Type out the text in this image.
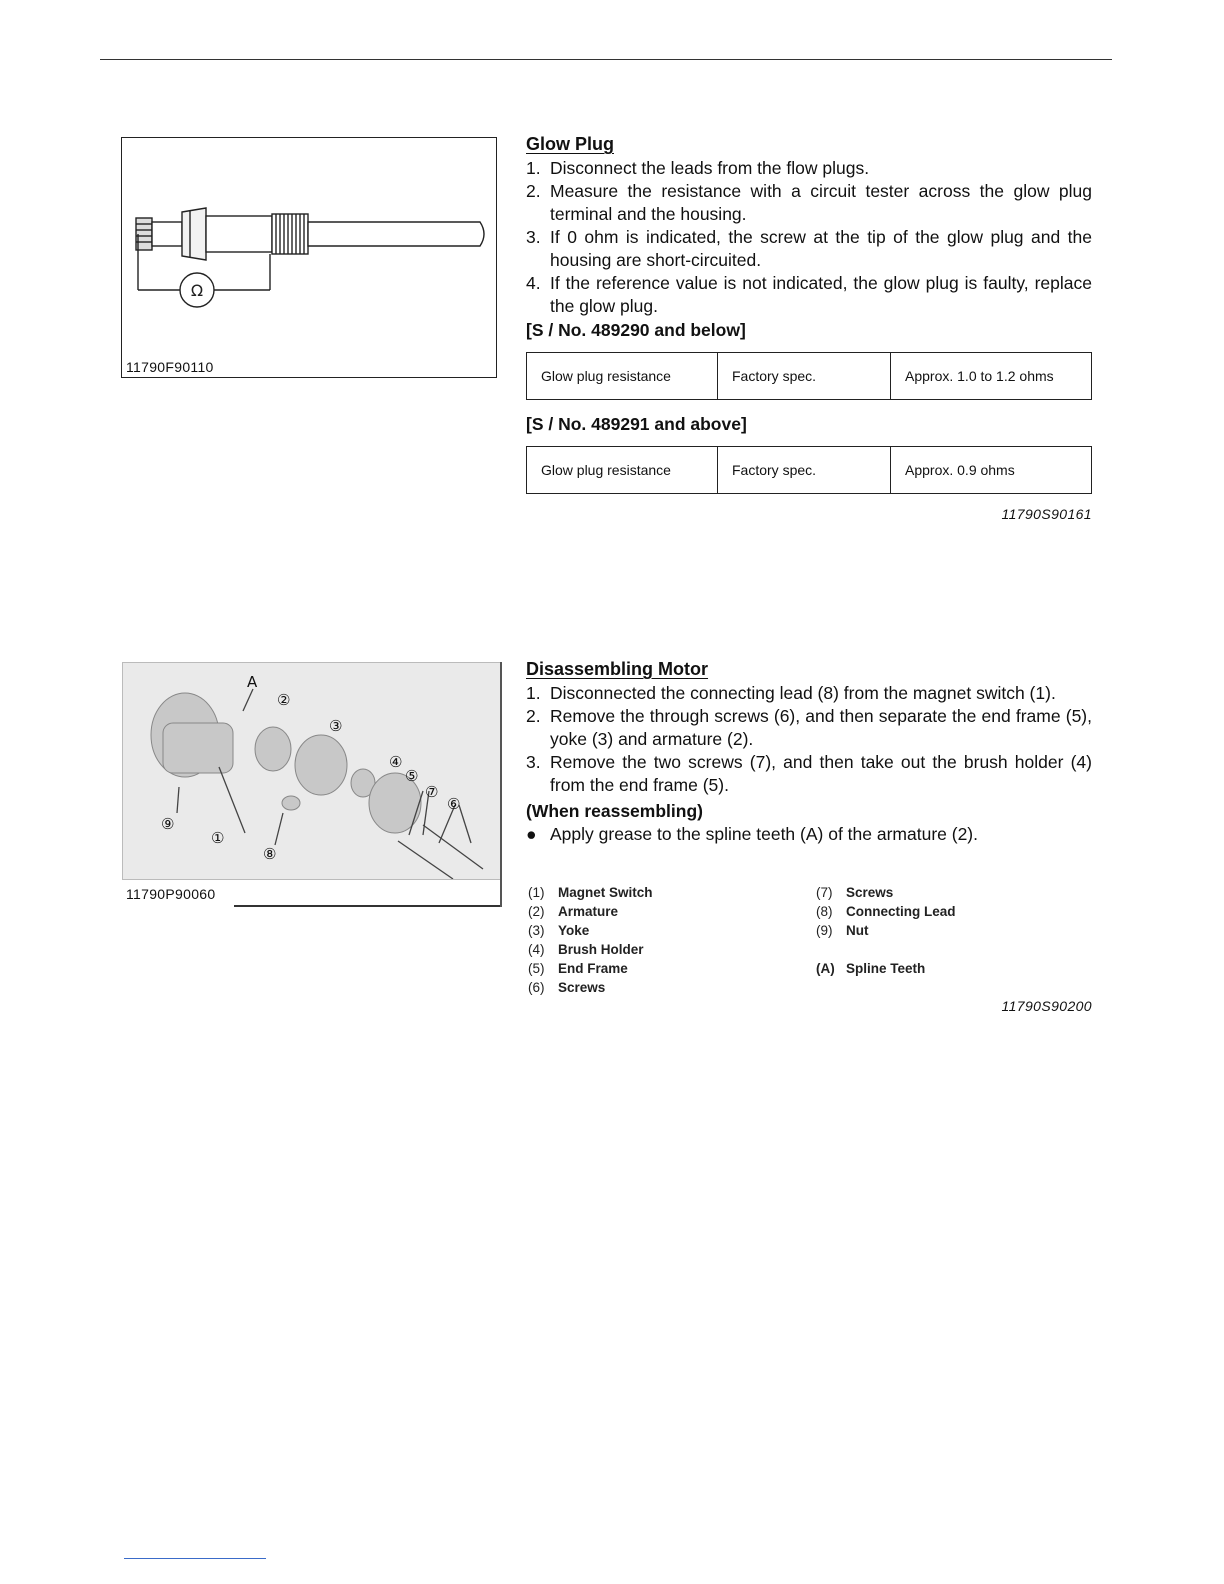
Ω
11790F90110
Glow Plug
1. Disconnect the leads from the flow plugs.
2. Measure the resistance with a circuit tester across the glow plug terminal and the housing.
3. If 0 ohm is indicated, the screw at the tip of the glow plug and the housing are short-circuited.
4. If the reference value is not indicated, the glow plug is faulty, replace the glow plug.
[S / No. 489290 and below]
Glow plug resistance	Factory spec.	Approx. 1.0 to 1.2 ohms
[S / No. 489291 and above]
Glow plug resistance	Factory spec.	Approx. 0.9 ohms
11790S90161
A
②
③
④
⑤
⑦
⑥
⑨
①
⑧
11790P90060
Disassembling Motor
1. Disconnected the connecting lead (8) from the magnet switch (1).
2. Remove the through screws (6), and then separate the end frame (5), yoke (3) and armature (2).
3. Remove the two screws (7), and then take out the brush holder (4) from the end frame (5).
(When reassembling)
● Apply grease to the spline teeth (A) of the armature (2).
(1) Magnet Switch
(2) Armature
(3) Yoke
(4) Brush Holder
(5) End Frame
(6) Screws
(7) Screws
(8) Connecting Lead
(9) Nut
(A) Spline Teeth
11790S90200
